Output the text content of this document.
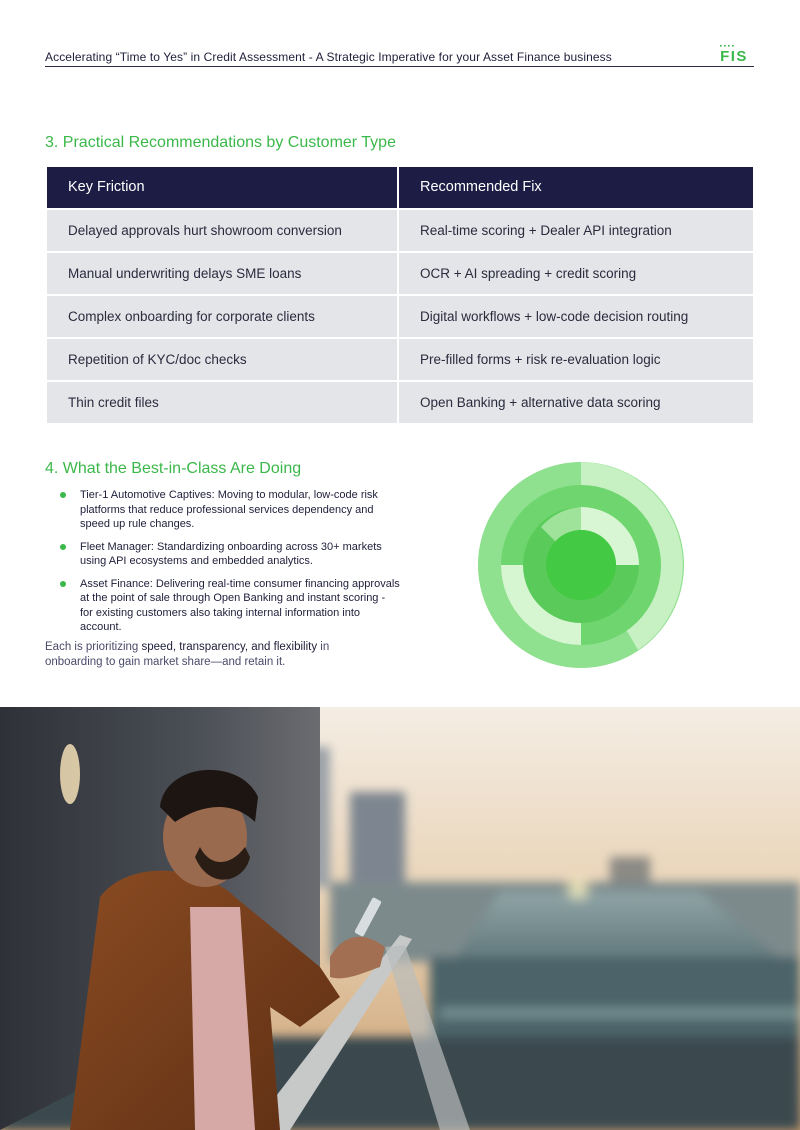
Accelerating “Time to Yes” in Credit Assessment - A Strategic Imperative for your Asset Finance business	FIS
3. Practical Recommendations by Customer Type
Key Friction	Recommended Fix
Delayed approvals hurt showroom conversion	Real-time scoring + Dealer API integration
Manual underwriting delays SME loans	OCR + AI spreading + credit scoring
Complex onboarding for corporate clients	Digital workflows + low-code decision routing
Repetition of KYC/doc checks	Pre-filled forms + risk re-evaluation logic
Thin credit files	Open Banking + alternative data scoring
4. What the Best-in-Class Are Doing
Tier-1 Automotive Captives: Moving to modular, low-code risk platforms that reduce professional services dependency and speed up rule changes.
Fleet Manager: Standardizing onboarding across 30+ markets using API ecosystems and embedded analytics.
Asset Finance: Delivering real-time consumer financing approvals at the point of sale through Open Banking and instant scoring - for existing customers also taking internal information into account.
Each is prioritizing speed, transparency, and flexibility in onboarding to gain market share—and retain it.
